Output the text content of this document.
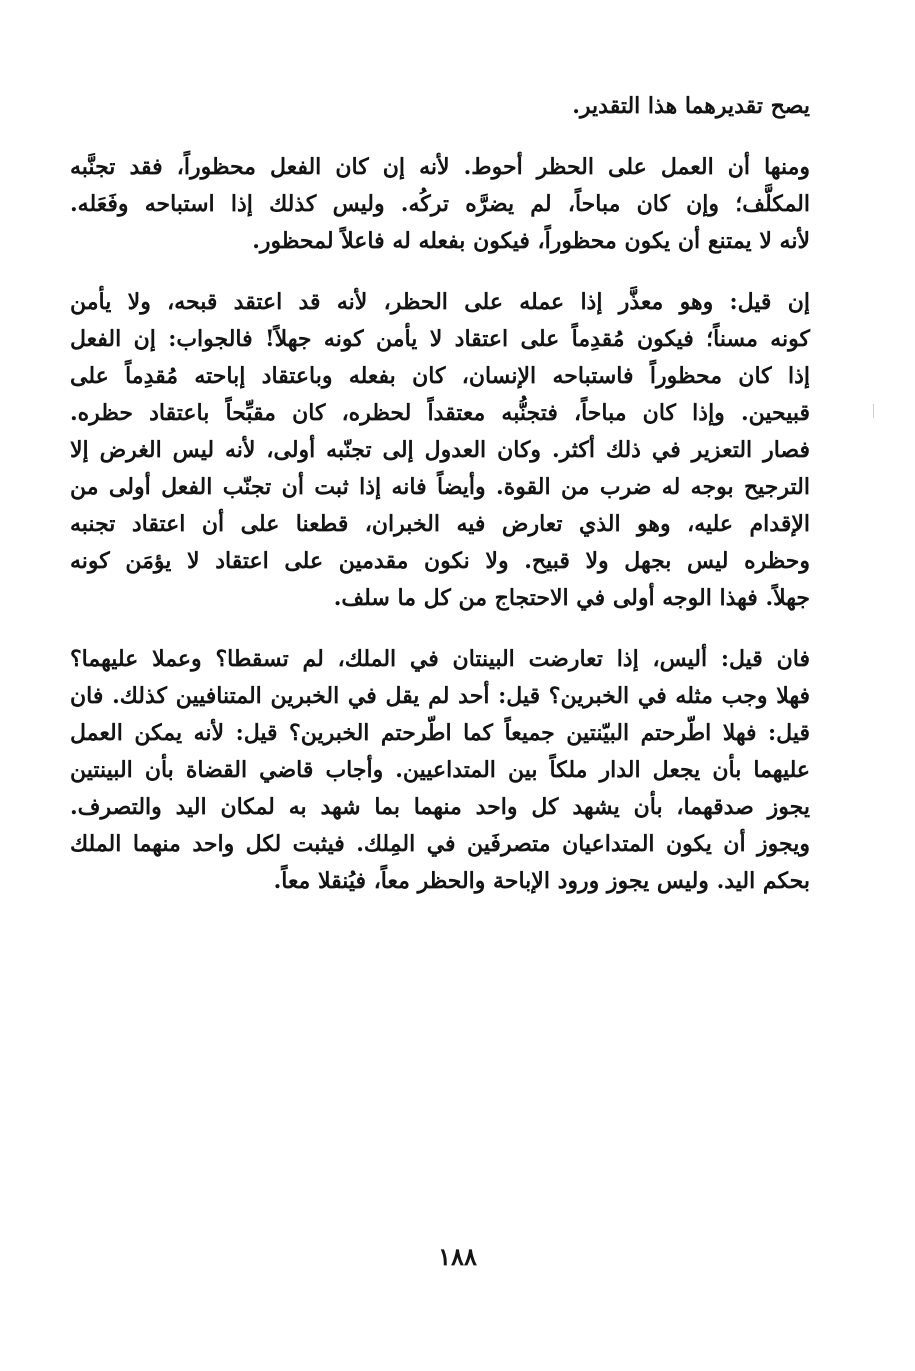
يصح تقديرهما هذا التقدير.

ومنها أن العمل على الحظر أحوط. لأنه إن كان الفعل محظوراً، فقد تجنَّبه
المكلَّف؛ وإن كان مباحاً، لم يضرَّه تركُه. وليس كذلك إذا استباحه وفَعَله.
لأنه لا يمتنع أن يكون محظوراً، فيكون بفعله له فاعلاً لمحظور.

إن قيل: وهو معذَّر إذا عمله على الحظر، لأنه قد اعتقد قبحه، ولا يأمن
كونه مسناً؛ فيكون مُقدِماً على اعتقاد لا يأمن كونه جهلاً! فالجواب: إن الفعل
إذا كان محظوراً فاستباحه الإنسان، كان بفعله وباعتقاد إباحته مُقدِماً على
قبيحين. وإذا كان مباحاً، فتجنُّبه معتقداً لحظره، كان مقبِّحاً باعتقاد حظره.
فصار التعزير في ذلك أكثر. وكان العدول إلى تجنّبه أولى، لأنه ليس الغرض إلا
الترجيح بوجه له ضرب من القوة. وأيضاً فانه إذا ثبت أن تجنّب الفعل أولى من
الإقدام عليه، وهو الذي تعارض فيه الخبران، قطعنا على أن اعتقاد تجنبه
وحظره ليس بجهل ولا قبيح. ولا نكون مقدمين على اعتقاد لا يؤمَن كونه
جهلاً. فهذا الوجه أولى في الاحتجاج من كل ما سلف.

فان قيل: أليس، إذا تعارضت البينتان في الملك، لم تسقطا؟ وعملا عليهما؟
فهلا وجب مثله في الخبرين؟ قيل: أحد لم يقل في الخبرين المتنافيين كذلك. فان
قيل: فهلا اطّرحتم البيّنتين جميعاً كما اطّرحتم الخبرين؟ قيل: لأنه يمكن العمل
عليهما بأن يجعل الدار ملكاً بين المتداعيين. وأجاب قاضي القضاة بأن البينتين
يجوز صدقهما، بأن يشهد كل واحد منهما بما شهد به لمكان اليد والتصرف.
ويجوز أن يكون المتداعيان متصرفَين في المِلك. فيثبت لكل واحد منهما الملك
بحكم اليد. وليس يجوز ورود الإباحة والحظر معاً، فيُنقلا معاً.

١٨٨
